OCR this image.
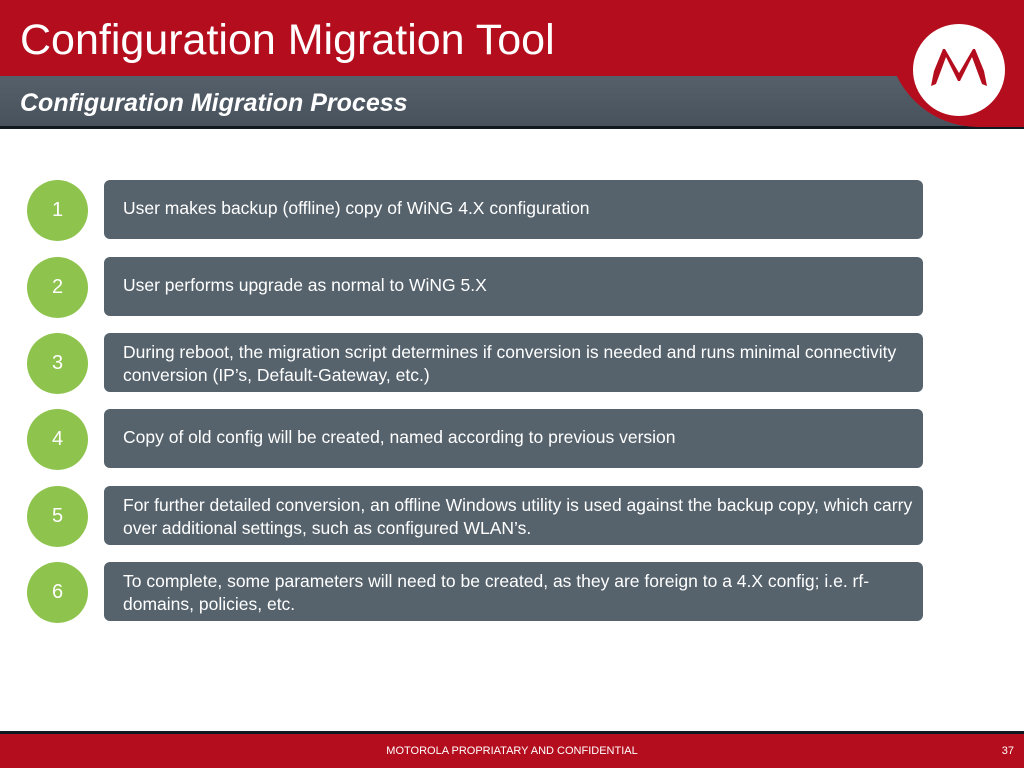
Configuration Migration Tool
Configuration Migration Process
1	User makes backup (offline) copy of WiNG 4.X configuration
2	User performs upgrade as normal to WiNG 5.X
3	During reboot, the migration script determines if conversion is needed and runs minimal connectivity conversion (IP’s, Default-Gateway, etc.)
4	Copy of old config will be created, named according to previous version
5	For further detailed conversion, an offline Windows utility is used against the backup copy, which carry over additional settings, such as configured WLAN’s.
6	To complete, some parameters will need to be created, as they are foreign to a 4.X config; i.e. rf-domains, policies, etc.
MOTOROLA PROPRIATARY AND CONFIDENTIAL	37
